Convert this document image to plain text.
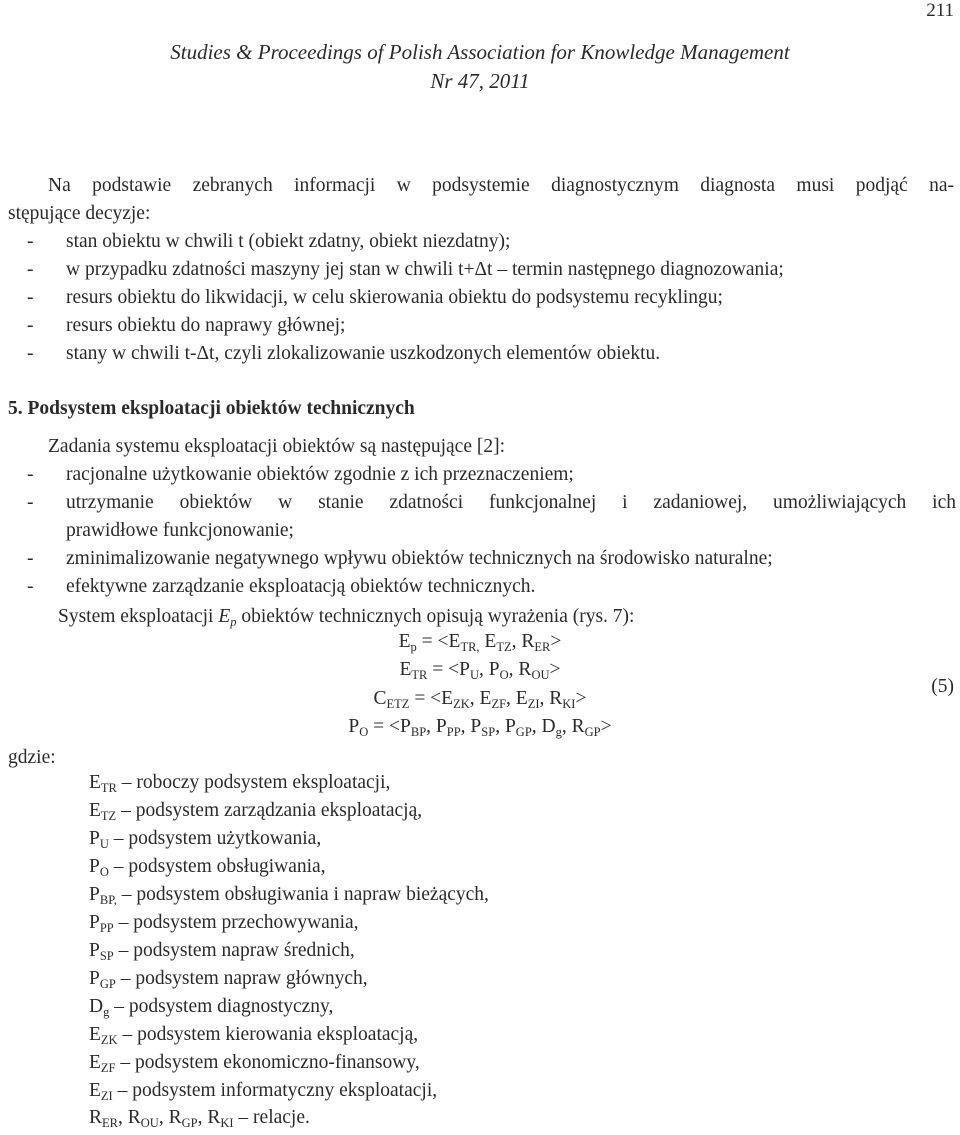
211
Studies & Proceedings of Polish Association for Knowledge Management
Nr 47, 2011
Na podstawie zebranych informacji w podsystemie diagnostycznym diagnosta musi podjąć na-
stępujące decyzje:
- stan obiektu w chwili t (obiekt zdatny, obiekt niezdatny);
- w przypadku zdatności maszyny jej stan w chwili t+Δt – termin następnego diagnozowania;
- resurs obiektu do likwidacji, w celu skierowania obiektu do podsystemu recyklingu;
- resurs obiektu do naprawy głównej;
- stany w chwili t-Δt, czyli zlokalizowanie uszkodzonych elementów obiektu.
5. Podsystem eksploatacji obiektów technicznych
Zadania systemu eksploatacji obiektów są następujące [2]:
- racjonalne użytkowanie obiektów zgodnie z ich przeznaczeniem;
- utrzymanie obiektów w stanie zdatności funkcjonalnej i zadaniowej, umożliwiających ich
prawidłowe funkcjonowanie;
- zminimalizowanie negatywnego wpływu obiektów technicznych na środowisko naturalne;
- efektywne zarządzanie eksploatacją obiektów technicznych.
System eksploatacji $E_p$ obiektów technicznych opisują wyrażenia (rys. 7):
$E_p = <E_{TR,}$ $E_{TZ}$, $R_{ER}>$
$E_{TR} = <P_U$, $P_O$, $R_{OU}>$
$C_{ETZ} = <E_{ZK}$, $E_{ZF}$, $E_{ZI}$, $R_{KI}>$
$P_O = <P_{BP}$, $P_{PP}$, $P_{SP}$, $P_{GP}$, $D_g$, $R_{GP}>$
(5)
gdzie:
$E_{TR}$ – roboczy podsystem eksploatacji,
$E_{TZ}$ – podsystem zarządzania eksploatacją,
$P_U$ – podsystem użytkowania,
$P_O$ – podsystem obsługiwania,
$P_{BP,}$ – podsystem obsługiwania i napraw bieżących,
$P_{PP}$ – podsystem przechowywania,
$P_{SP}$ – podsystem napraw średnich,
$P_{GP}$ – podsystem napraw głównych,
$D_g$ – podsystem diagnostyczny,
$E_{ZK}$ – podsystem kierowania eksploatacją,
$E_{ZF}$ – podsystem ekonomiczno-finansowy,
$E_{ZI}$ – podsystem informatyczny eksploatacji,
$R_{ER}$, $R_{OU}$, $R_{GP}$, $R_{KI}$ – relacje.
